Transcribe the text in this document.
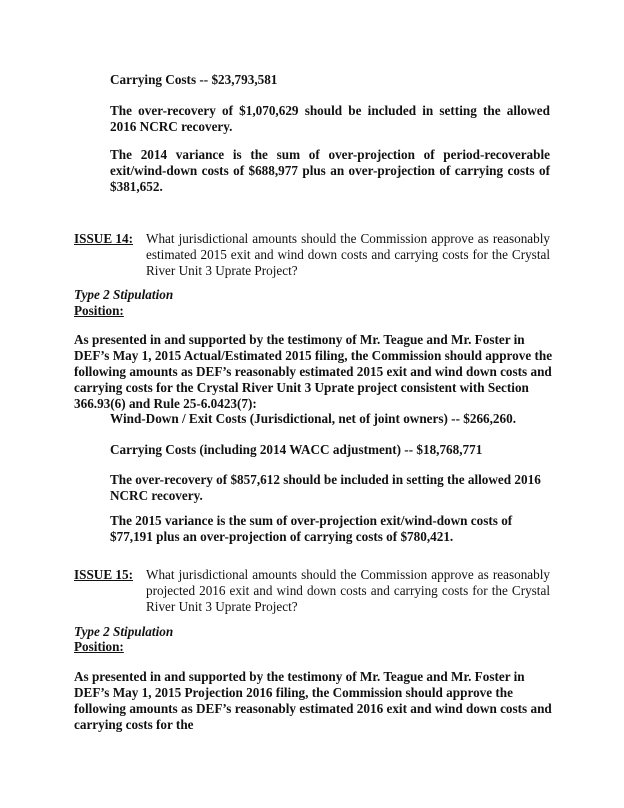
Carrying Costs -- $23,793,581

The over-recovery of $1,070,629 should be included in setting the allowed 2016 NCRC recovery.

The 2014 variance is the sum of over-projection of period-recoverable exit/wind-down costs of $688,977 plus an over-projection of carrying costs of $381,652.

ISSUE 14: What jurisdictional amounts should the Commission approve as reasonably estimated 2015 exit and wind down costs and carrying costs for the Crystal River Unit 3 Uprate Project?
Type 2 Stipulation
Position:

As presented in and supported by the testimony of Mr. Teague and Mr. Foster in DEF’s May 1, 2015 Actual/Estimated 2015 filing, the Commission should approve the following amounts as DEF’s reasonably estimated 2015 exit and wind down costs and carrying costs for the Crystal River Unit 3 Uprate project consistent with Section 366.93(6) and Rule 25-6.0423(7):

Wind-Down / Exit Costs (Jurisdictional, net of joint owners) -- $266,260.

Carrying Costs (including 2014 WACC adjustment) -- $18,768,771

The over-recovery of $857,612 should be included in setting the allowed 2016 NCRC recovery.

The 2015 variance is the sum of over-projection exit/wind-down costs of $77,191 plus an over-projection of carrying costs of $780,421.

ISSUE 15: What jurisdictional amounts should the Commission approve as reasonably projected 2016 exit and wind down costs and carrying costs for the Crystal River Unit 3 Uprate Project?
Type 2 Stipulation
Position:

As presented in and supported by the testimony of Mr. Teague and Mr. Foster in DEF’s May 1, 2015 Projection 2016 filing, the Commission should approve the following amounts as DEF’s reasonably estimated 2016 exit and wind down costs and carrying costs for the
